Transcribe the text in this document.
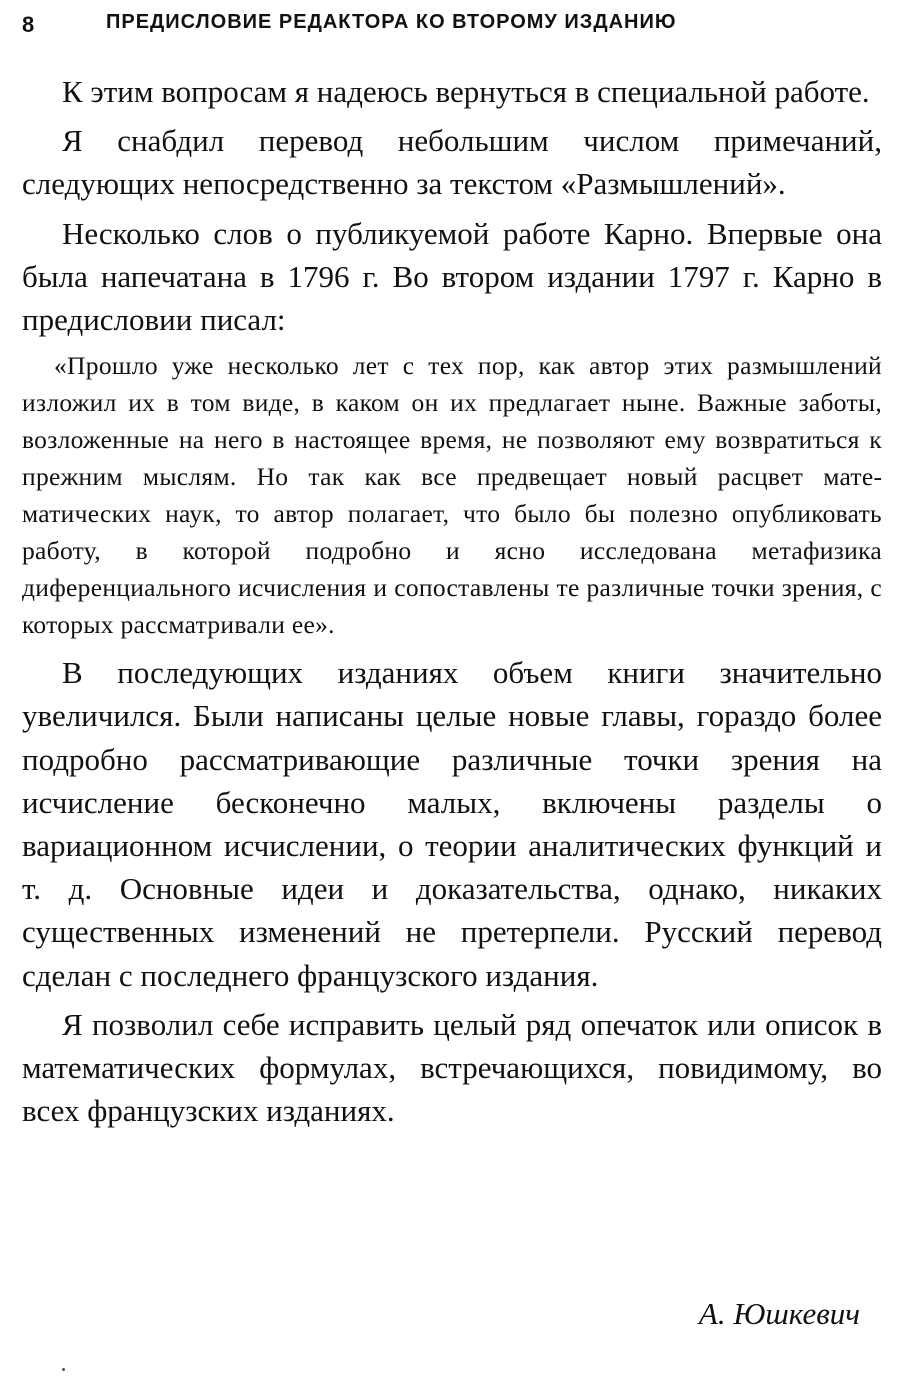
8	ПРЕДИСЛОВИЕ РЕДАКТОРА КО ВТОРОМУ ИЗДАНИЮ

К этим вопросам я надеюсь вернуться в специальной работе.

Я снабдил перевод небольшим числом примечаний, следующих непосредственно за текстом «Размышлений».

Несколько слов о публикуемой работе Карно. Впервые она была напечатана в 1796 г. Во втором издании 1797 г. Карно в предисловии писал:

«Прошло уже несколько лет с тех пор, как автор этих размышлений изложил их в том виде, в каком он их предлагает ныне. Важные заботы, возложенные на него в настоящее время, не позволяют ему возвратиться к прежним мыслям. Но так как все предвещает новый расцвет математических наук, то автор полагает, что было бы полезно опубликовать работу, в которой подробно и ясно исследована метафизика диференциального исчисления и сопоставлены те различные точки зрения, с которых рассматривали ее».

В последующих изданиях объем книги значительно увеличился. Были написаны целые новые главы, гораздо более подробно рассматривающие различные точки зрения на исчисление бесконечно малых, включены разделы о вариационном исчислении, о теории аналитических функций и т. д. Основные идеи и доказательства, однако, никаких существенных изменений не претерпели. Русский перевод сделан с последнего французского издания.

Я позволил себе исправить целый ряд опечаток или описок в математических формулах, встречающихся, повидимому, во всех французских изданиях.

А. Юшкевич
